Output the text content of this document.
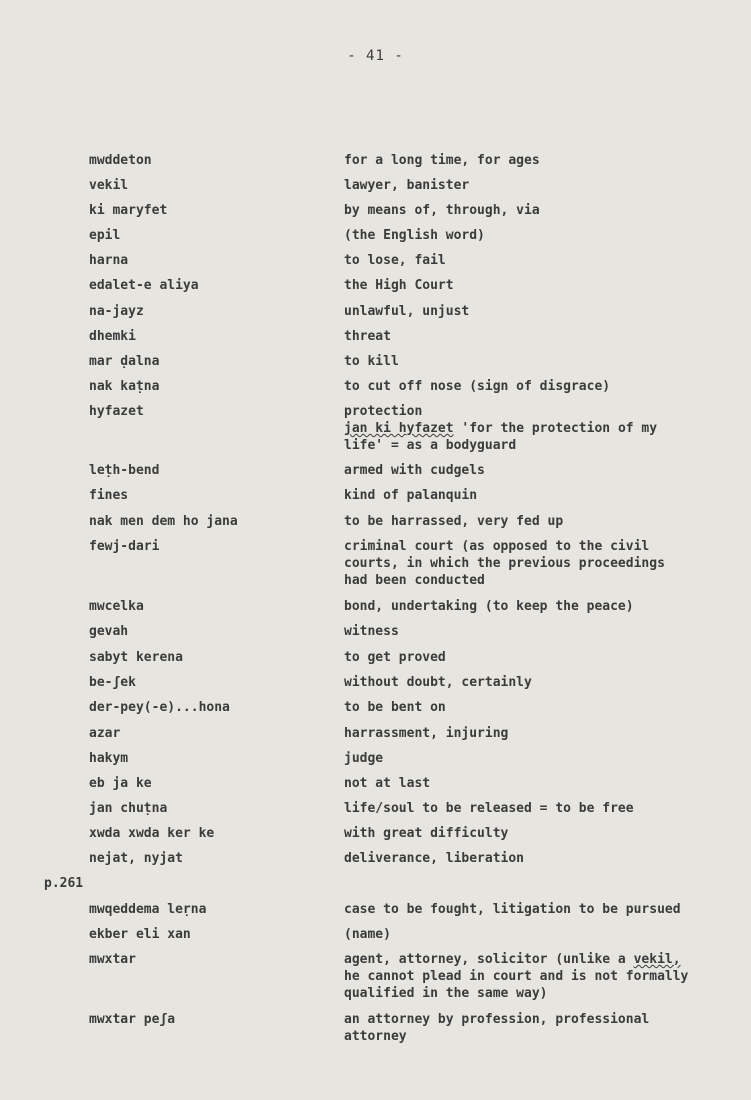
- 41 -
p.261
mwddeton	for a long time, for ages
vekil	lawyer, banister
ki maryfet	by means of, through, via
epil	(the English word)
harna	to lose, fail
edalet-e aliya	the High Court
na-jayz	unlawful, unjust
dhemki	threat
mar ḍalna	to kill
nak kaṭna	to cut off nose (sign of disgrace)
hyfazet	protection
jan ki hyfazet 'for the protection of my
life' = as a bodyguard
leṭh-bend	armed with cudgels
fines	kind of palanquin
nak men dem ho jana	to be harrassed, very fed up
fewj-dari	criminal court (as opposed to the civil
courts, in which the previous proceedings
had been conducted
mwcelka	bond, undertaking (to keep the peace)
gevah	witness
sabyt kerena	to get proved
be-ʃek	without doubt, certainly
der-pey(-e)...hona	to be bent on
azar	harrassment, injuring
hakym	judge
eb ja ke	not at last
jan chuṭna	life/soul to be released = to be free
xwda xwda ker ke	with great difficulty
nejat, nyjat	deliverance, liberation
mwqeddema leṛna	case to be fought, litigation to be pursued
ekber eli xan	(name)
mwxtar	agent, attorney, solicitor (unlike a vekil,
he cannot plead in court and is not formally
qualified in the same way)
mwxtar peʃa	an attorney by profession, professional
attorney
